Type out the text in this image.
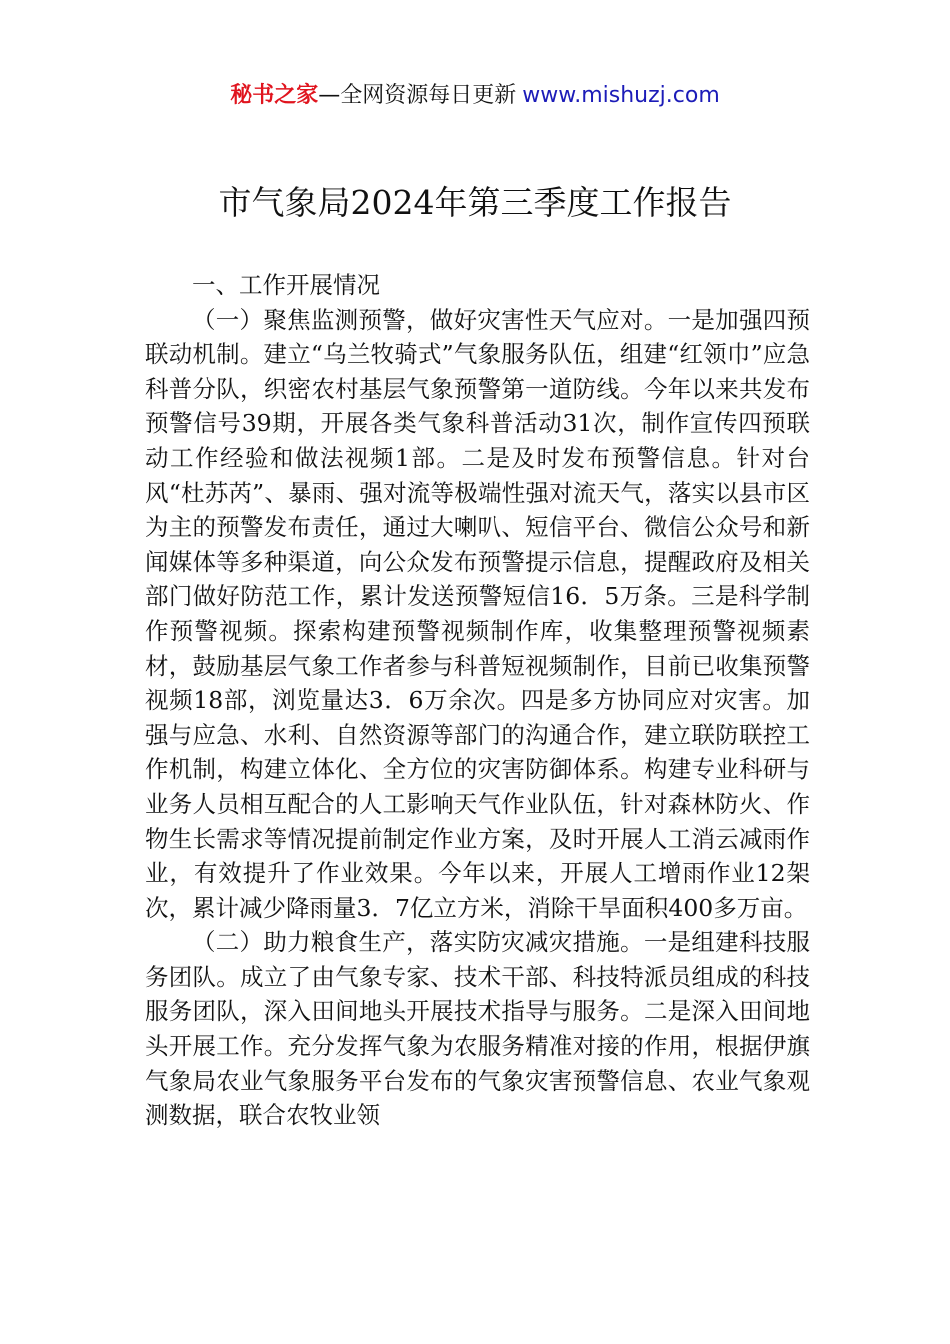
秘书之家—全网资源每日更新 www.mishuzj.com
市气象局2024年第三季度工作报告

一、工作开展情况

（一）聚焦监测预警，做好灾害性天气应对。一是加强四预联动机制。建立“乌兰牧骑式”气象服务队伍，组建“红领巾”应急科普分队，织密农村基层气象预警第一道防线。今年以来共发布预警信号39期，开展各类气象科普活动31次，制作宣传四预联动工作经验和做法视频1部。二是及时发布预警信息。针对台风“杜苏芮”、暴雨、强对流等极端性强对流天气，落实以县市区为主的预警发布责任，通过大喇叭、短信平台、微信公众号和新闻媒体等多种渠道，向公众发布预警提示信息，提醒政府及相关部门做好防范工作，累计发送预警短信16．5万条。三是科学制作预警视频。探索构建预警视频制作库，收集整理预警视频素材，鼓励基层气象工作者参与科普短视频制作，目前已收集预警视频18部，浏览量达3．6万余次。四是多方协同应对灾害。加强与应急、水利、自然资源等部门的沟通合作，建立联防联控工作机制，构建立体化、全方位的灾害防御体系。构建专业科研与业务人员相互配合的人工影响天气作业队伍，针对森林防火、作物生长需求等情况提前制定作业方案，及时开展人工消云减雨作业，有效提升了作业效果。今年以来，开展人工增雨作业12架次，累计减少降雨量3．7亿立方米，消除干旱面积400多万亩。

（二）助力粮食生产，落实防灾减灾措施。一是组建科技服务团队。成立了由气象专家、技术干部、科技特派员组成的科技服务团队，深入田间地头开展技术指导与服务。二是深入田间地头开展工作。充分发挥气象为农服务精准对接的作用，根据伊旗气象局农业气象服务平台发布的气象灾害预警信息、农业气象观测数据，联合农牧业领
